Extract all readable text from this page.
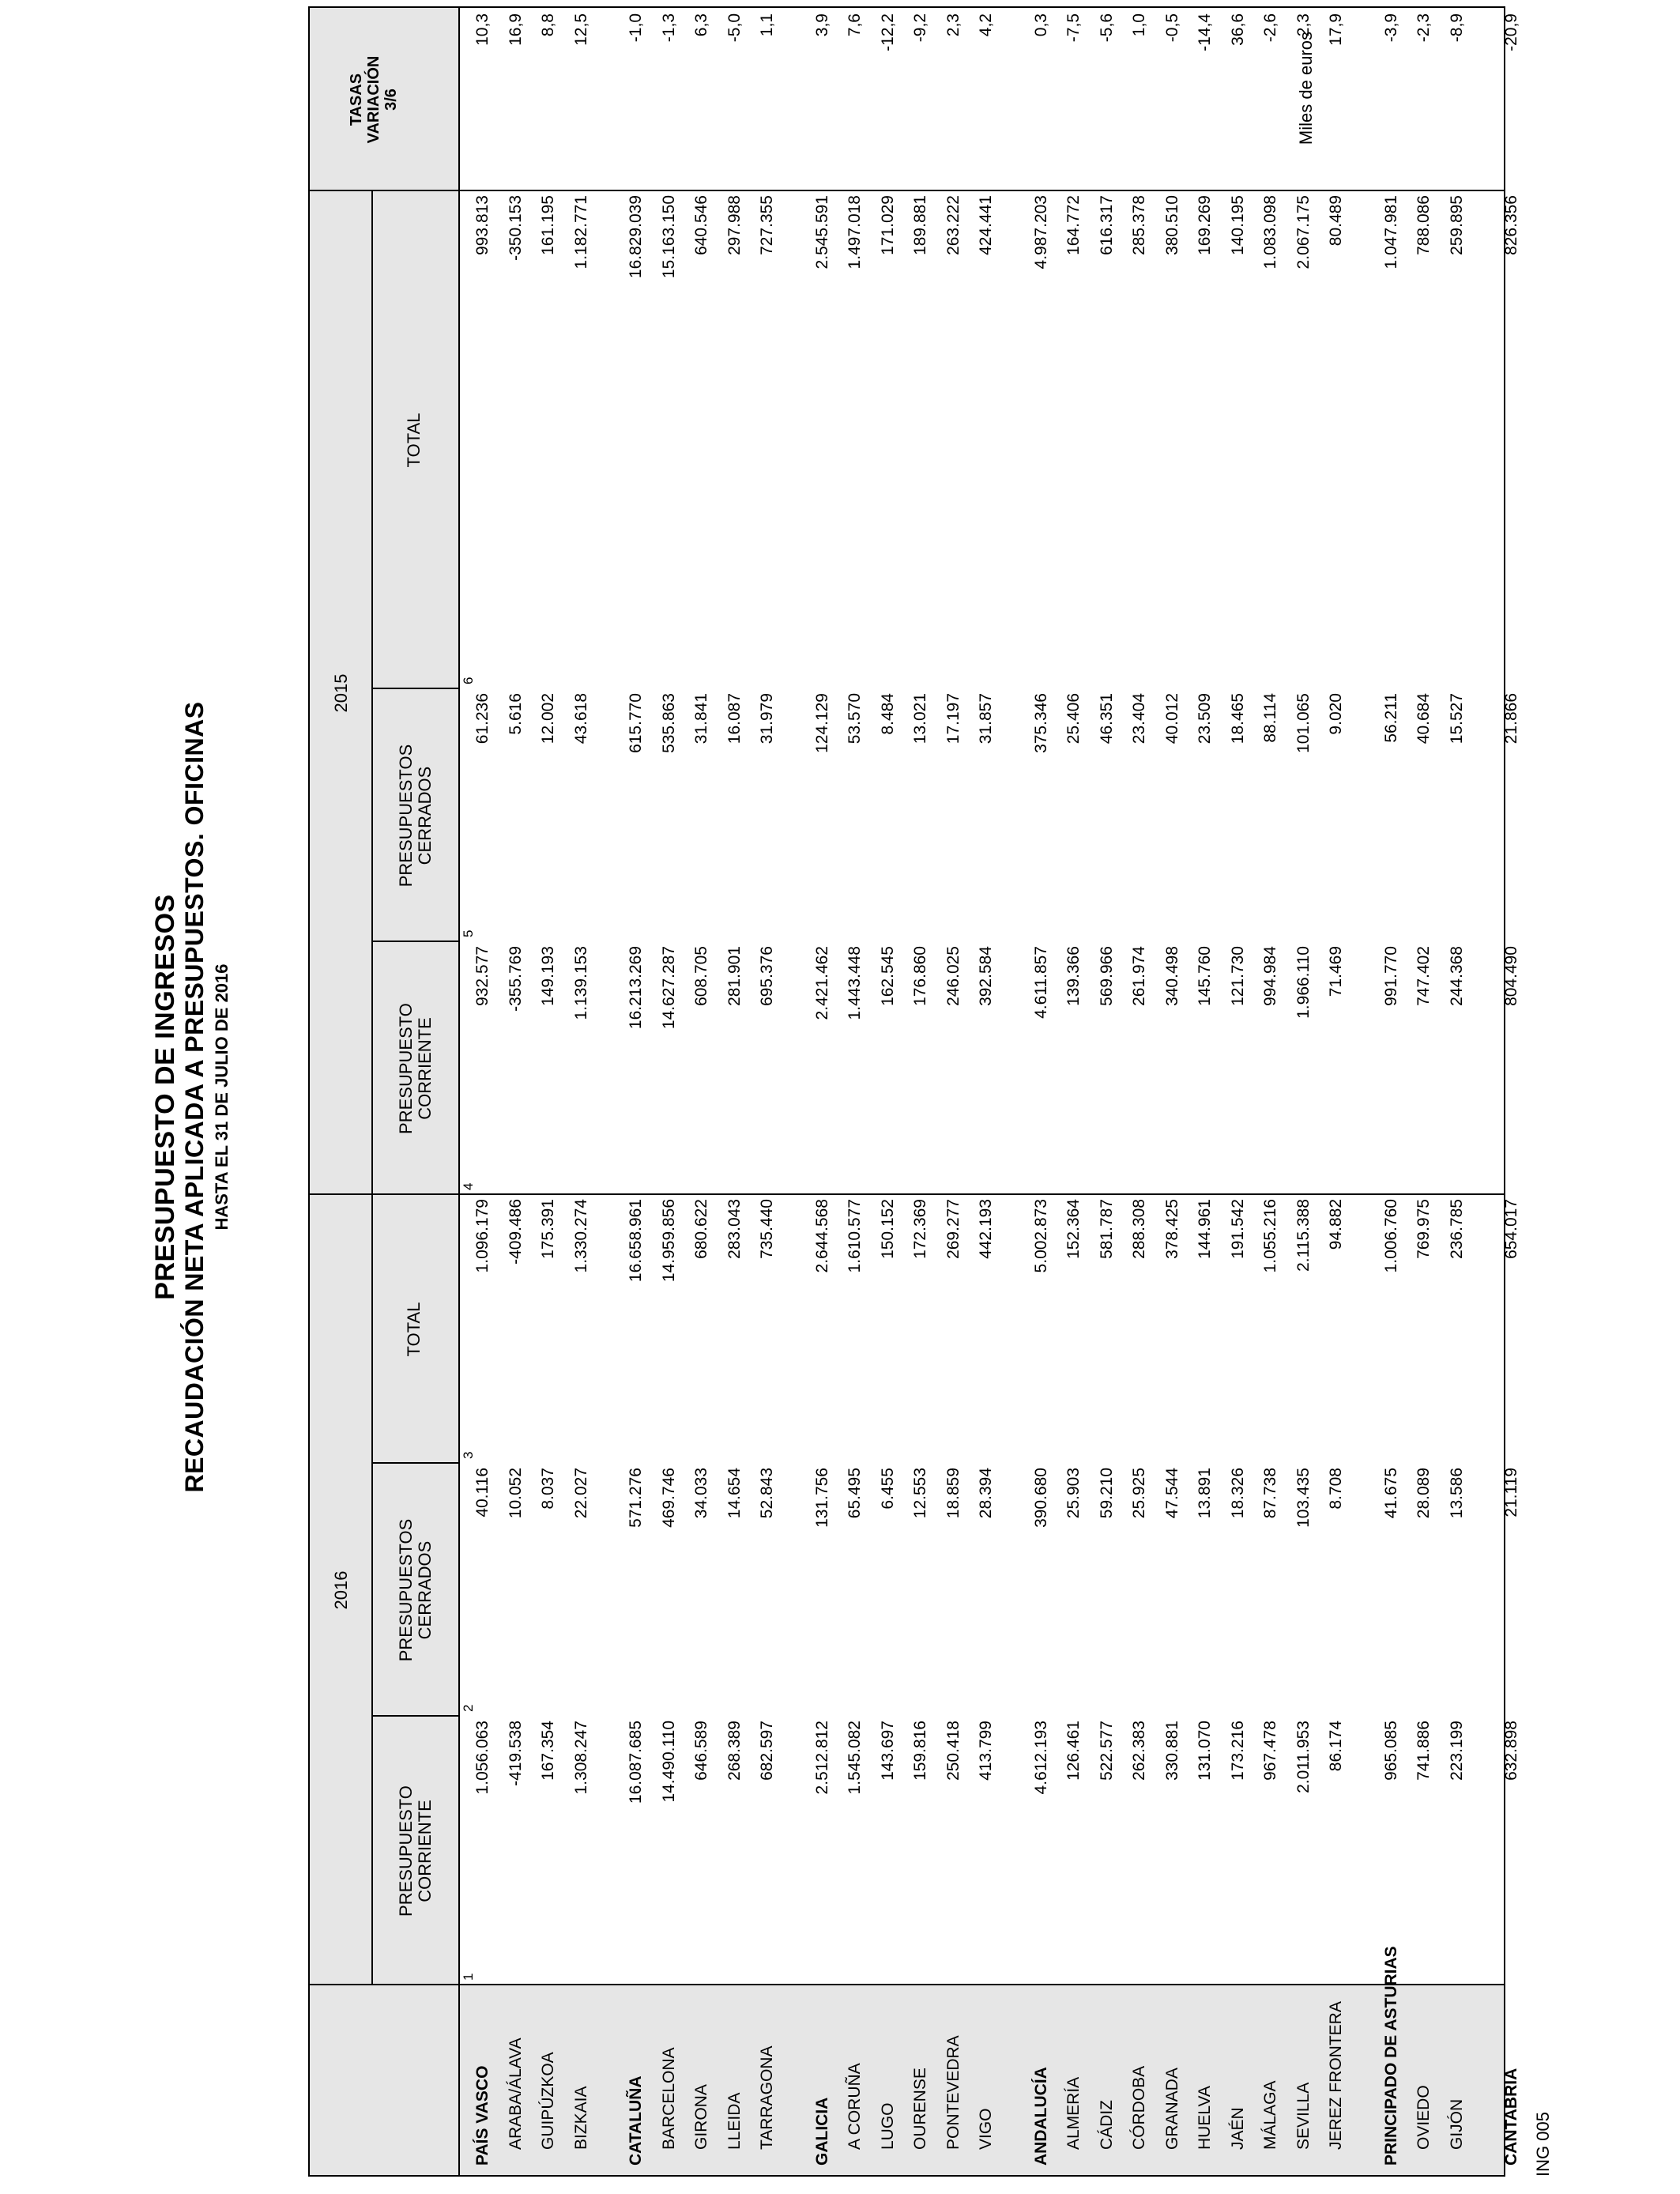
PRESUPUESTO DE INGRESOS RECAUDACIÓN NETA APLICADA A PRESUPUESTOS. OFICINAS HASTA EL 31 DE JULIO DE 2016
2016
2015
PRESUPUESTO CORRIENTE
PRESUPUESTOS CERRADOS
TOTAL
PRESUPUESTO CORRIENTE
PRESUPUESTOS CERRADOS
TOTAL
TASAS VARIACIÓN 3/6
1
2
3
4
5
6
PAÍS VASCO
1.056.063
40.116
1.096.179
932.577
61.236
993.813
10,3
ARABA/ÁLAVA
-419.538
10.052
-409.486
-355.769
5.616
-350.153
16,9
GUIPÚZKOA
167.354
8.037
175.391
149.193
12.002
161.195
8,8
BIZKAIA
1.308.247
22.027
1.330.274
1.139.153
43.618
1.182.771
12,5
CATALUÑA
16.087.685
571.276
16.658.961
16.213.269
615.770
16.829.039
-1,0
BARCELONA
14.490.110
469.746
14.959.856
14.627.287
535.863
15.163.150
-1,3
GIRONA
646.589
34.033
680.622
608.705
31.841
640.546
6,3
LLEIDA
268.389
14.654
283.043
281.901
16.087
297.988
-5,0
TARRAGONA
682.597
52.843
735.440
695.376
31.979
727.355
1,1
GALICIA
2.512.812
131.756
2.644.568
2.421.462
124.129
2.545.591
3,9
A CORUÑA
1.545.082
65.495
1.610.577
1.443.448
53.570
1.497.018
7,6
LUGO
143.697
6.455
150.152
162.545
8.484
171.029
-12,2
OURENSE
159.816
12.553
172.369
176.860
13.021
189.881
-9,2
PONTEVEDRA
250.418
18.859
269.277
246.025
17.197
263.222
2,3
VIGO
413.799
28.394
442.193
392.584
31.857
424.441
4,2
ANDALUCÍA
4.612.193
390.680
5.002.873
4.611.857
375.346
4.987.203
0,3
ALMERÍA
126.461
25.903
152.364
139.366
25.406
164.772
-7,5
CÁDIZ
522.577
59.210
581.787
569.966
46.351
616.317
-5,6
CÓRDOBA
262.383
25.925
288.308
261.974
23.404
285.378
1,0
GRANADA
330.881
47.544
378.425
340.498
40.012
380.510
-0,5
HUELVA
131.070
13.891
144.961
145.760
23.509
169.269
-14,4
JAÉN
173.216
18.326
191.542
121.730
18.465
140.195
36,6
MÁLAGA
967.478
87.738
1.055.216
994.984
88.114
1.083.098
-2,6
SEVILLA
2.011.953
103.435
2.115.388
1.966.110
101.065
2.067.175
2,3
JEREZ FRONTERA
86.174
8.708
94.882
71.469
9.020
80.489
17,9
PRINCIPADO DE ASTURIAS
965.085
41.675
1.006.760
991.770
56.211
1.047.981
-3,9
OVIEDO
741.886
28.089
769.975
747.402
40.684
788.086
-2,3
GIJÓN
223.199
13.586
236.785
244.368
15.527
259.895
-8,9
CANTABRIA
632.898
21.119
654.017
804.490
21.866
826.356
-20,9
Miles de euros
ING 005
